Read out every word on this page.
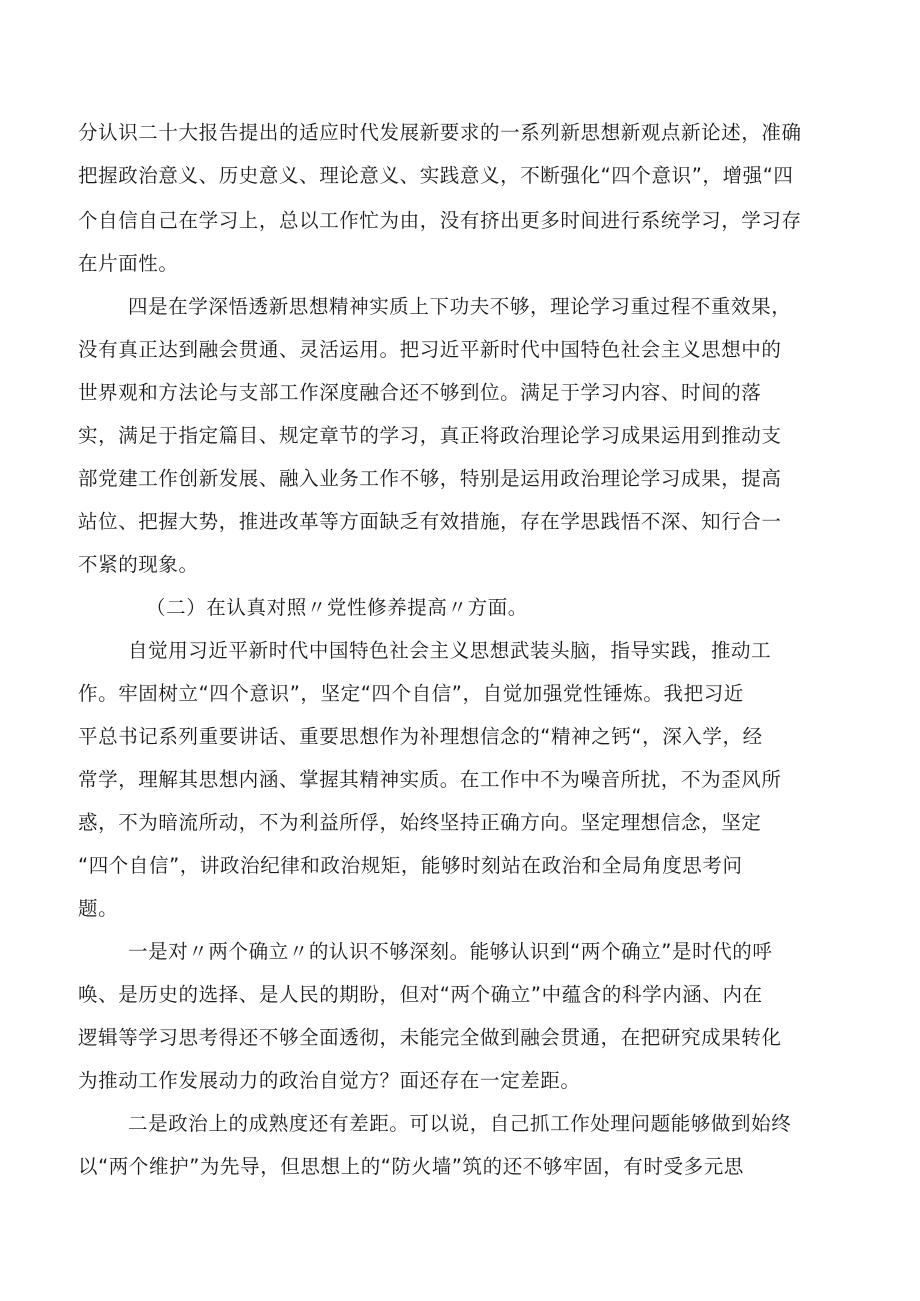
分认识二十大报告提出的适应时代发展新要求的一系列新思想新观点新论述，准确
把握政治意义、历史意义、理论意义、实践意义，不断强化“四个意识”，增强“四
个自信自己在学习上，总以工作忙为由，没有挤出更多时间进行系统学习，学习存
在片面性。
四是在学深悟透新思想精神实质上下功夫不够，理论学习重过程不重效果，
没有真正达到融会贯通、灵活运用。把习近平新时代中国特色社会主义思想中的
世界观和方法论与支部工作深度融合还不够到位。满足于学习内容、时间的落
实，满足于指定篇目、规定章节的学习，真正将政治理论学习成果运用到推动支
部党建工作创新发展、融入业务工作不够，特别是运用政治理论学习成果，提高
站位、把握大势，推进改革等方面缺乏有效措施，存在学思践悟不深、知行合一
不紧的现象。
（二）在认真对照〃党性修养提高〃方面。
自觉用习近平新时代中国特色社会主义思想武装头脑，指导实践，推动工
作。牢固树立“四个意识”，坚定“四个自信”，自觉加强党性锤炼。我把习近
平总书记系列重要讲话、重要思想作为补理想信念的“精神之钙“，深入学，经
常学，理解其思想内涵、掌握其精神实质。在工作中不为噪音所扰，不为歪风所
惑，不为暗流所动，不为利益所俘，始终坚持正确方向。坚定理想信念，坚定
“四个自信”，讲政治纪律和政治规矩，能够时刻站在政治和全局角度思考问
题。
一是对〃两个确立〃的认识不够深刻。能够认识到“两个确立”是时代的呼
唤、是历史的选择、是人民的期盼，但对“两个确立”中蕴含的科学内涵、内在
逻辑等学习思考得还不够全面透彻，未能完全做到融会贯通，在把研究成果转化
为推动工作发展动力的政治自觉方？面还存在一定差距。
二是政治上的成熟度还有差距。可以说，自己抓工作处理问题能够做到始终
以“两个维护”为先导，但思想上的“防火墙”筑的还不够牢固，有时受多元思
